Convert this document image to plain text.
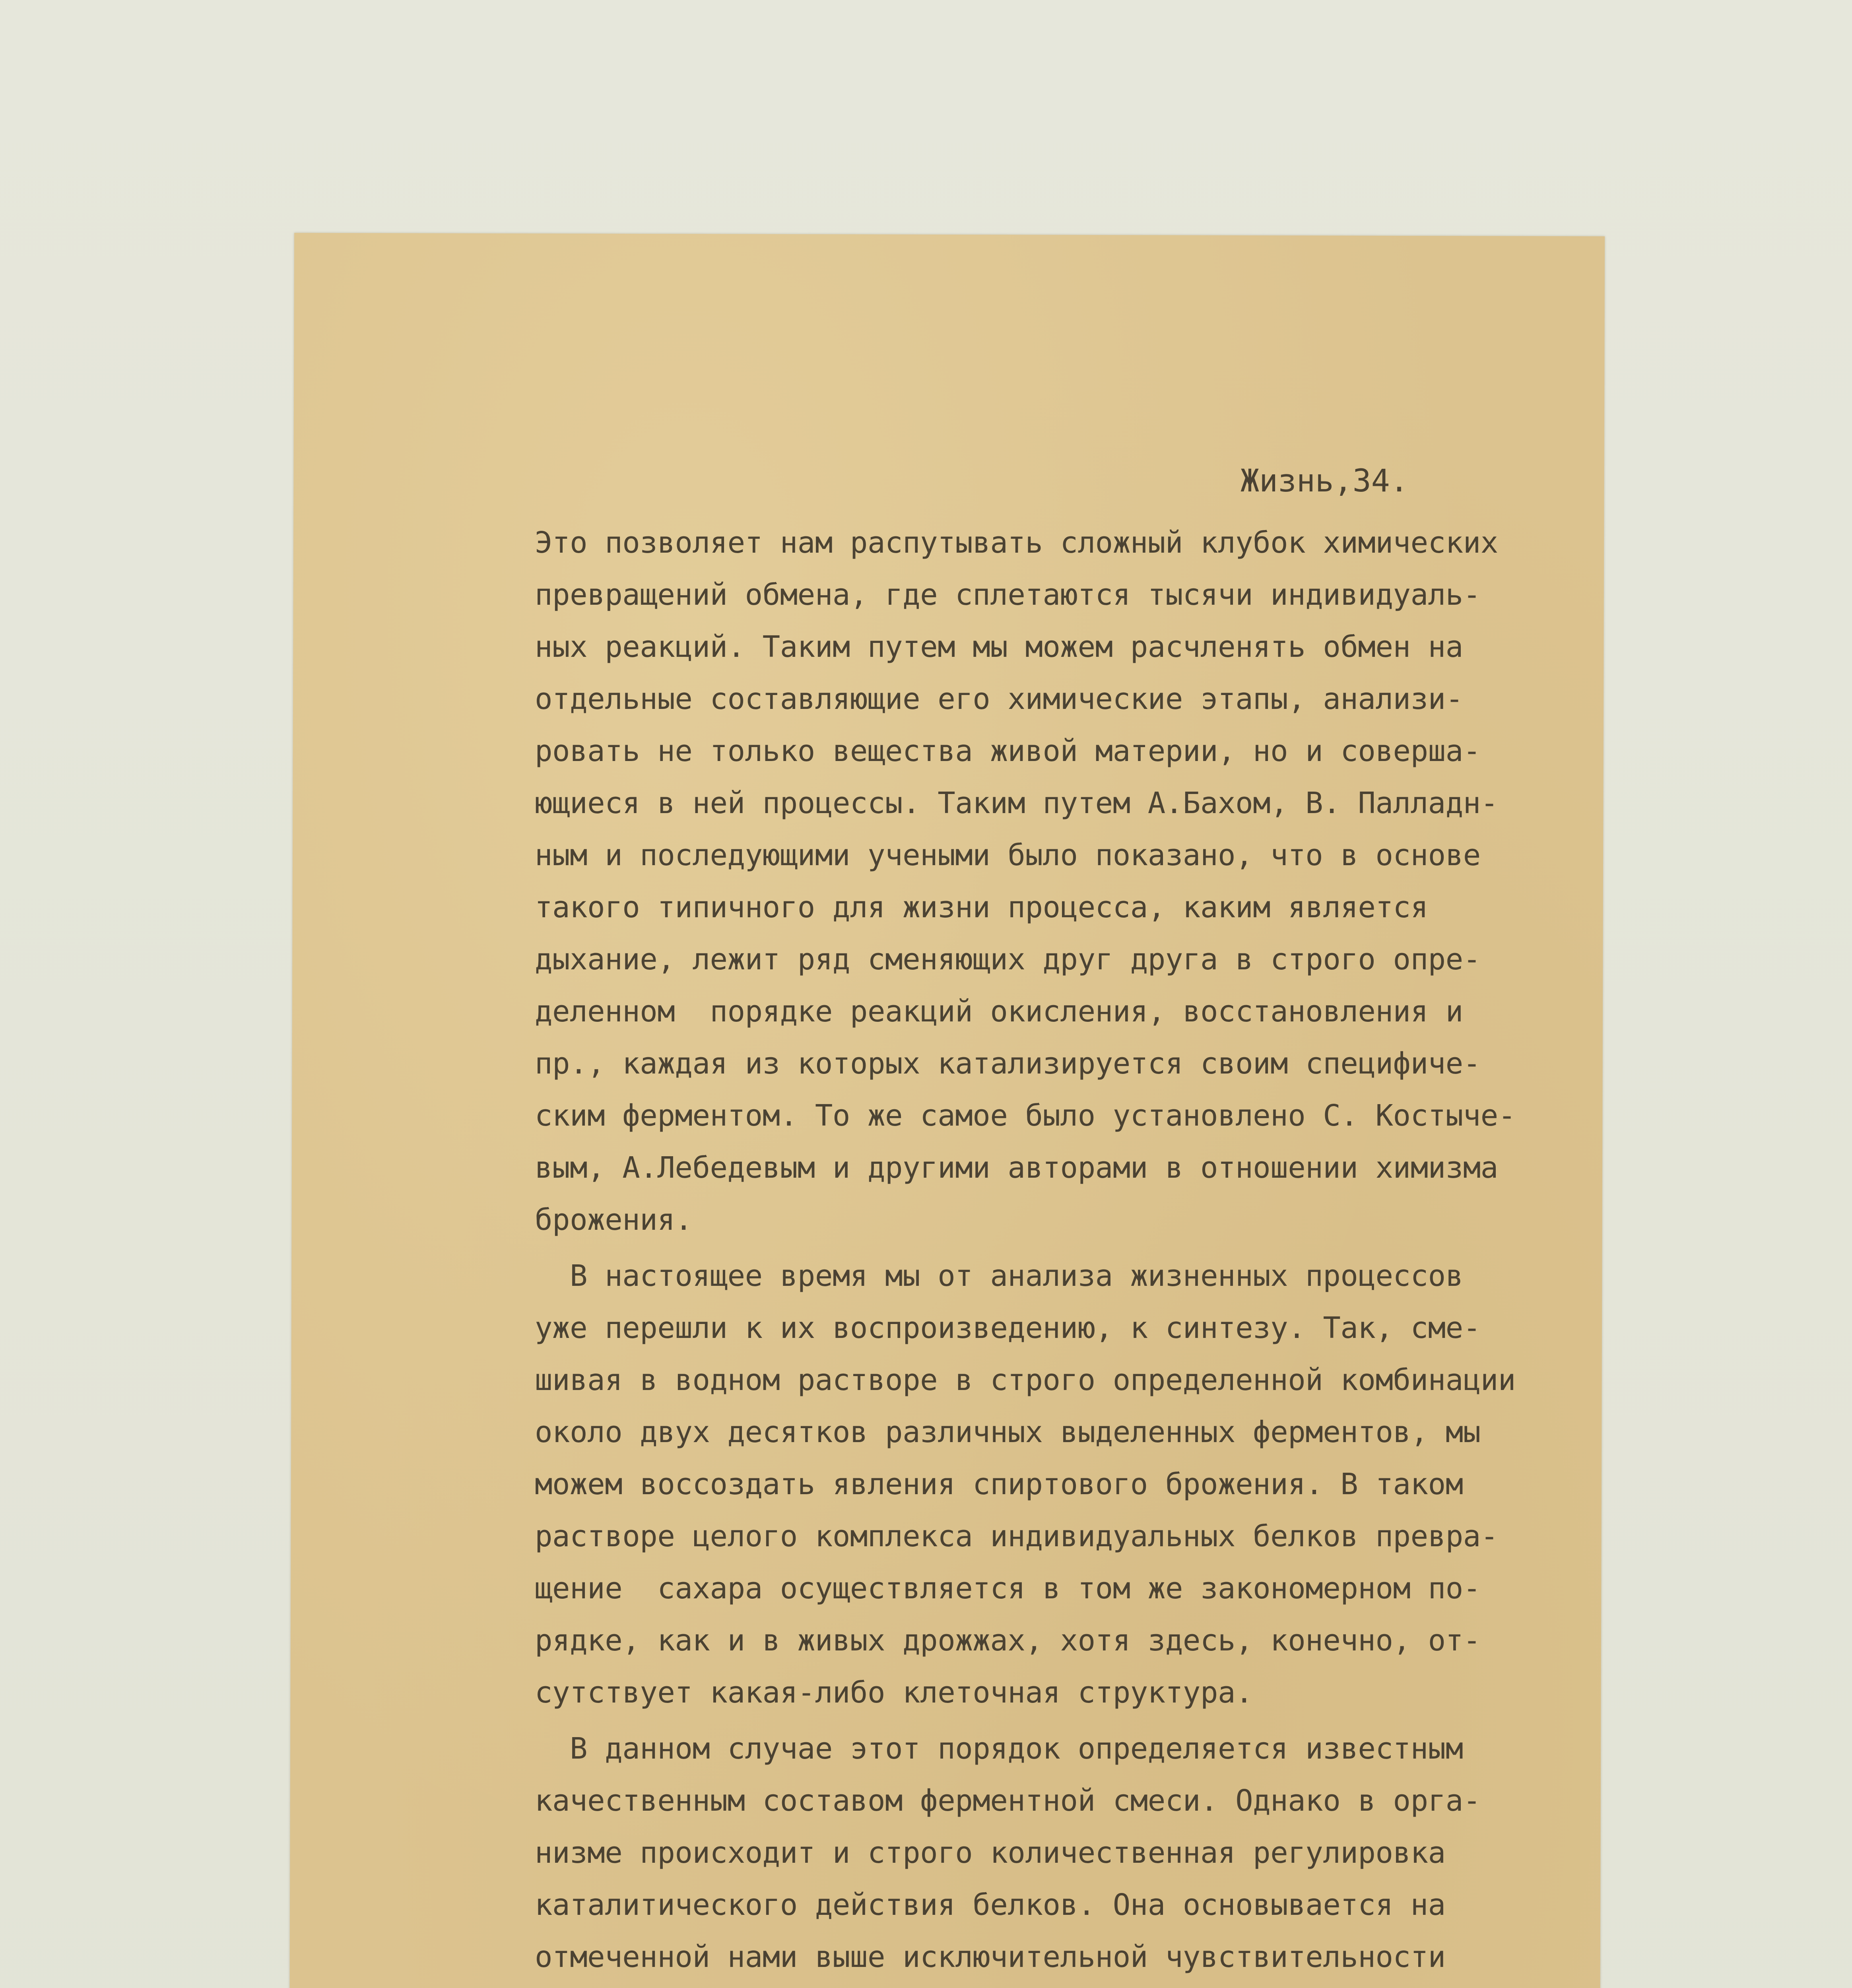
Жизнь,34.
Это позволяет нам распутывать сложный клубок химических
превращений обмена, где сплетаются тысячи индивидуаль-
ных реакций. Таким путем мы можем расчленять обмен на
отдельные составляющие его химические этапы, анализи-
ровать не только вещества живой материи, но и соверша-
ющиеся в ней процессы. Таким путем А.Бахом, В. Палладн-
ным и последующими учеными было показано, что в основе
такого типичного для жизни процесса, каким является
дыхание, лежит ряд сменяющих друг друга в строго опре-
деленном  порядке реакций окисления, восстановления и
пр., каждая из которых катализируется своим специфиче-
ским ферментом. То же самое было установлено С. Костыче-
вым, А.Лебедевым и другими авторами в отношении химизма
брожения.
В настоящее время мы от анализа жизненных процессов
уже перешли к их воспроизведению, к синтезу. Так, сме-
шивая в водном растворе в строго определенной комбинации
около двух десятков различных выделенных ферментов, мы
можем воссоздать явления спиртового брожения. В таком
растворе целого комплекса индивидуальных белков превра-
щение  сахара осуществляется в том же закономерном по-
рядке, как и в живых дрожжах, хотя здесь, конечно, от-
сутствует какая-либо клеточная структура.
В данном случае этот порядок определяется известным
качественным составом ферментной смеси. Однако в орга-
низме происходит и строго количественная регулировка
каталитического действия белков. Она основывается на
отмеченной нами выше исключительной чувствительности
